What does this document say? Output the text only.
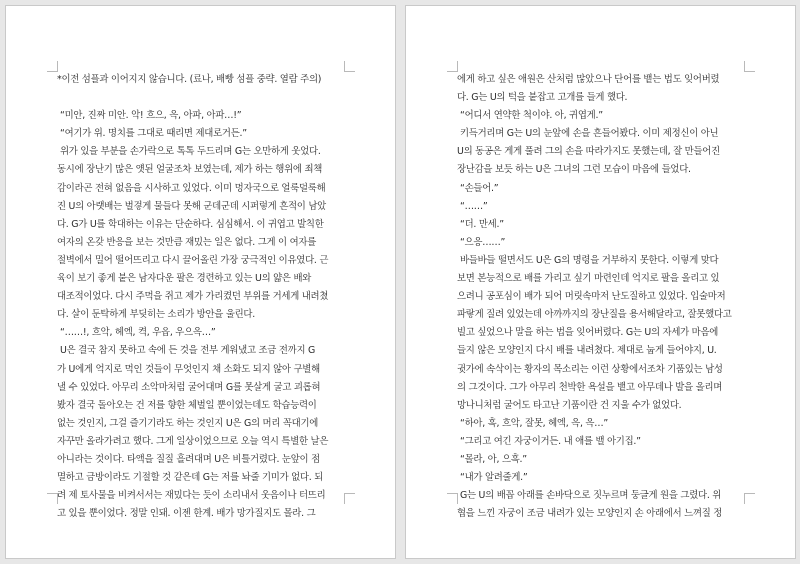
*이전 섬플과 이어지지 않습니다. (료나, 배빵 섬플 중략. 열람 주의)
“미안, 진짜 미안. 악! 흐으, 윽, 아파, 아파…!”
“여기가 위. 명치를 그대로 때리면 제대로거든.”
위가 있을 부분을 손가락으로 톡톡 두드리며 G는 오만하게 웃었다.
동시에 장난기 많은 얫된 얼굴조차 보였는데, 제가 하는 행위에 죄책
감이라곤 전혀 없음을 시사하고 있었다. 이미 멍자국으로 얼룩덜룩해
진 U의 아랫배는 벌겋게 물들다 못해 군데군데 시퍼렇게 흔적이 남았
다. G가 U를 학대하는 이유는 단순하다. 심심해서. 이 귀엽고 발칙한
여자의 온갖 반응을 보는 것만큼 재밌는 일은 없다. 그게 이 여자를
절벽에서 밀어 떨어뜨리고 다시 끌어올린 가장 궁극적인 이유였다. 근
육이 보기 좋게 붙은 남자다운 팔은 경련하고 있는 U의 얇은 배와
대조적이었다. 다시 주먹을 쥐고 제가 가리켰던 부위를 거세게 내려쳤
다. 살이 둔탁하게 부딪히는 소리가 방안을 울린다.
“……!, 흐악, 헤엑, 켝, 우읍, 우으윽…”
U은 결국 참지 못하고 속에 든 것을 전부 게워냈고 조금 전까지 G
가 U에게 억지로 먹인 것들이 무엇인지 채 소화도 되지 않아 구별해
낼 수 있었다. 아무리 소악마처럼 굴어대며 G를 못살게 굴고 괴롭혀
봤자 결국 돌아오는 건 저를 향한 체벌일 뿐이었는데도 학습능력이
없는 것인지, 그걸 즐기기라도 하는 것인지 U은 G의 머리 꼭대기에
자꾸만 올라가려고 했다. 그게 일상이었으므로 오늘 역시 특별한 날은
아니라는 것이다. 타액을 질질 흘려대며 U은 비틀거렸다. 눈앞이 점
멸하고 금방이라도 기절할 것 같은데 G는 저를 놔줄 기미가 없다. 되
려 제 토사물을 비켜서서는 재밌다는 듯이 소리내서 웃음이나 터뜨리
고 있을 뿐이었다. 정말 인돼. 이젠 한계. 배가 망가질지도 몰라. 그
에게 하고 싶은 애원은 산처럼 많았으나 단어를 뱉는 법도 잊어버렸
다. G는 U의 턱을 붙잡고 고개를 들게 했다.
“어디서 연약한 척이야. 아, 귀엽게.”
키득거리며 G는 U의 눈앞에 손을 흔들어봤다. 이미 제정신이 아닌
U의 동공은 게게 풀려 그의 손을 따라가지도 못했는데, 잘 만들어진
장난감을 보듯 하는 U은 그녀의 그런 모습이 마음에 들었다.
“손들어.”
“……”
“더. 만세.”
“으응……”
바들바들 떨면서도 U은 G의 명령을 거부하지 못한다. 이렇게 맞다
보면 본능적으로 배를 가리고 싶기 마련인데 억지로 팔을 올리고 있
으려니 공포심이 배가 되어 머릿속마저 난도질하고 있었다. 입술마저
파랗게 질려 있었는데 아까까지의 장난질을 용서해달라고, 잘못했다고
빌고 싶었으나 말을 하는 법을 잊어버렸다. G는 U의 자세가 마음에
들지 않은 모양인지 다시 배를 내려쳤다. 제대로 눕게 들어야지, U.
귓가에 속삭이는 황자의 목소리는 이런 상황에서조차 기품있는 남성
의 그것이다. 그가 아무리 천박한 욕설을 뱉고 아무데나 발을 올리며
망나니처럼 굴어도 타고난 기품이란 건 지울 수가 없었다.
“하아, 흑, 흐악, 잘못, 헤엑, 윽, 윽…”
“그리고 여긴 자궁이거든. 내 애를 밸 아기집.”
“몰라, 아, 으흑.”
“내가 알려줄게.”
G는 U의 배꼽 아래를 손바닥으로 짓누르며 둥글게 원을 그렸다. 위
협을 느낀 자궁이 조금 내려가 있는 모양인지 손 아래에서 느껴질 정
